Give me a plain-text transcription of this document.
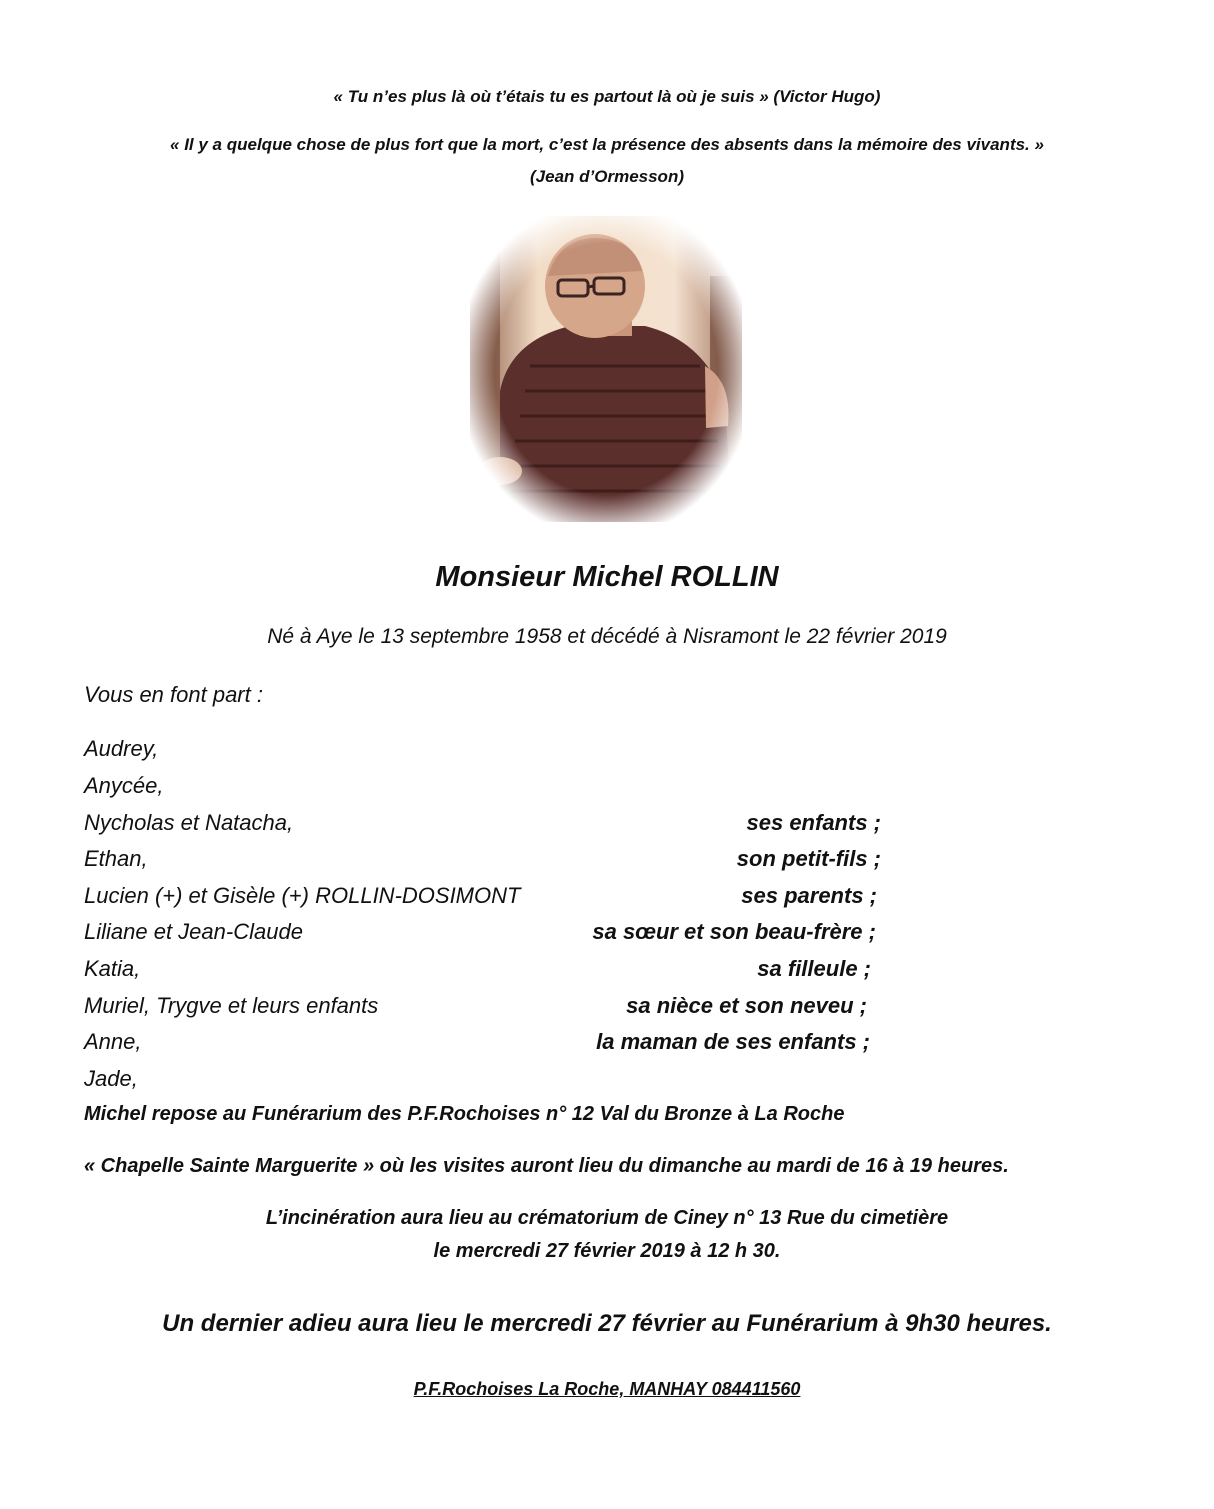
« Tu n’es plus là où t’étais tu es partout là où je suis » (Victor Hugo)
« Il y a quelque chose de plus fort que la mort, c’est la présence des absents dans la mémoire des vivants. »
(Jean d’Ormesson)
Monsieur Michel ROLLIN
Né à Aye le 13 septembre 1958 et décédé à Nisramont le 22 février 2019
Vous en font part :
Audrey,
Anycée,
Nycholas et Natacha,	ses enfants ;
Ethan,	son petit-fils ;
Lucien (+) et Gisèle (+) ROLLIN-DOSIMONT	ses parents ;
Liliane et Jean-Claude	sa sœur et son beau-frère ;
Katia,	sa filleule ;
Muriel, Trygve et leurs enfants	sa nièce et son neveu ;
Anne,	la maman de ses enfants ;
Jade,
Michel repose au Funérarium des P.F.Rochoises n° 12 Val du Bronze à La Roche
« Chapelle Sainte Marguerite » où les visites auront lieu du dimanche au mardi de 16 à 19 heures.
L’incinération aura lieu au crématorium de Ciney n° 13 Rue du cimetière
le mercredi 27 février 2019 à 12 h 30.
Un dernier adieu aura lieu le mercredi 27 février au Funérarium à 9h30 heures.
P.F.Rochoises La Roche, MANHAY 084411560
